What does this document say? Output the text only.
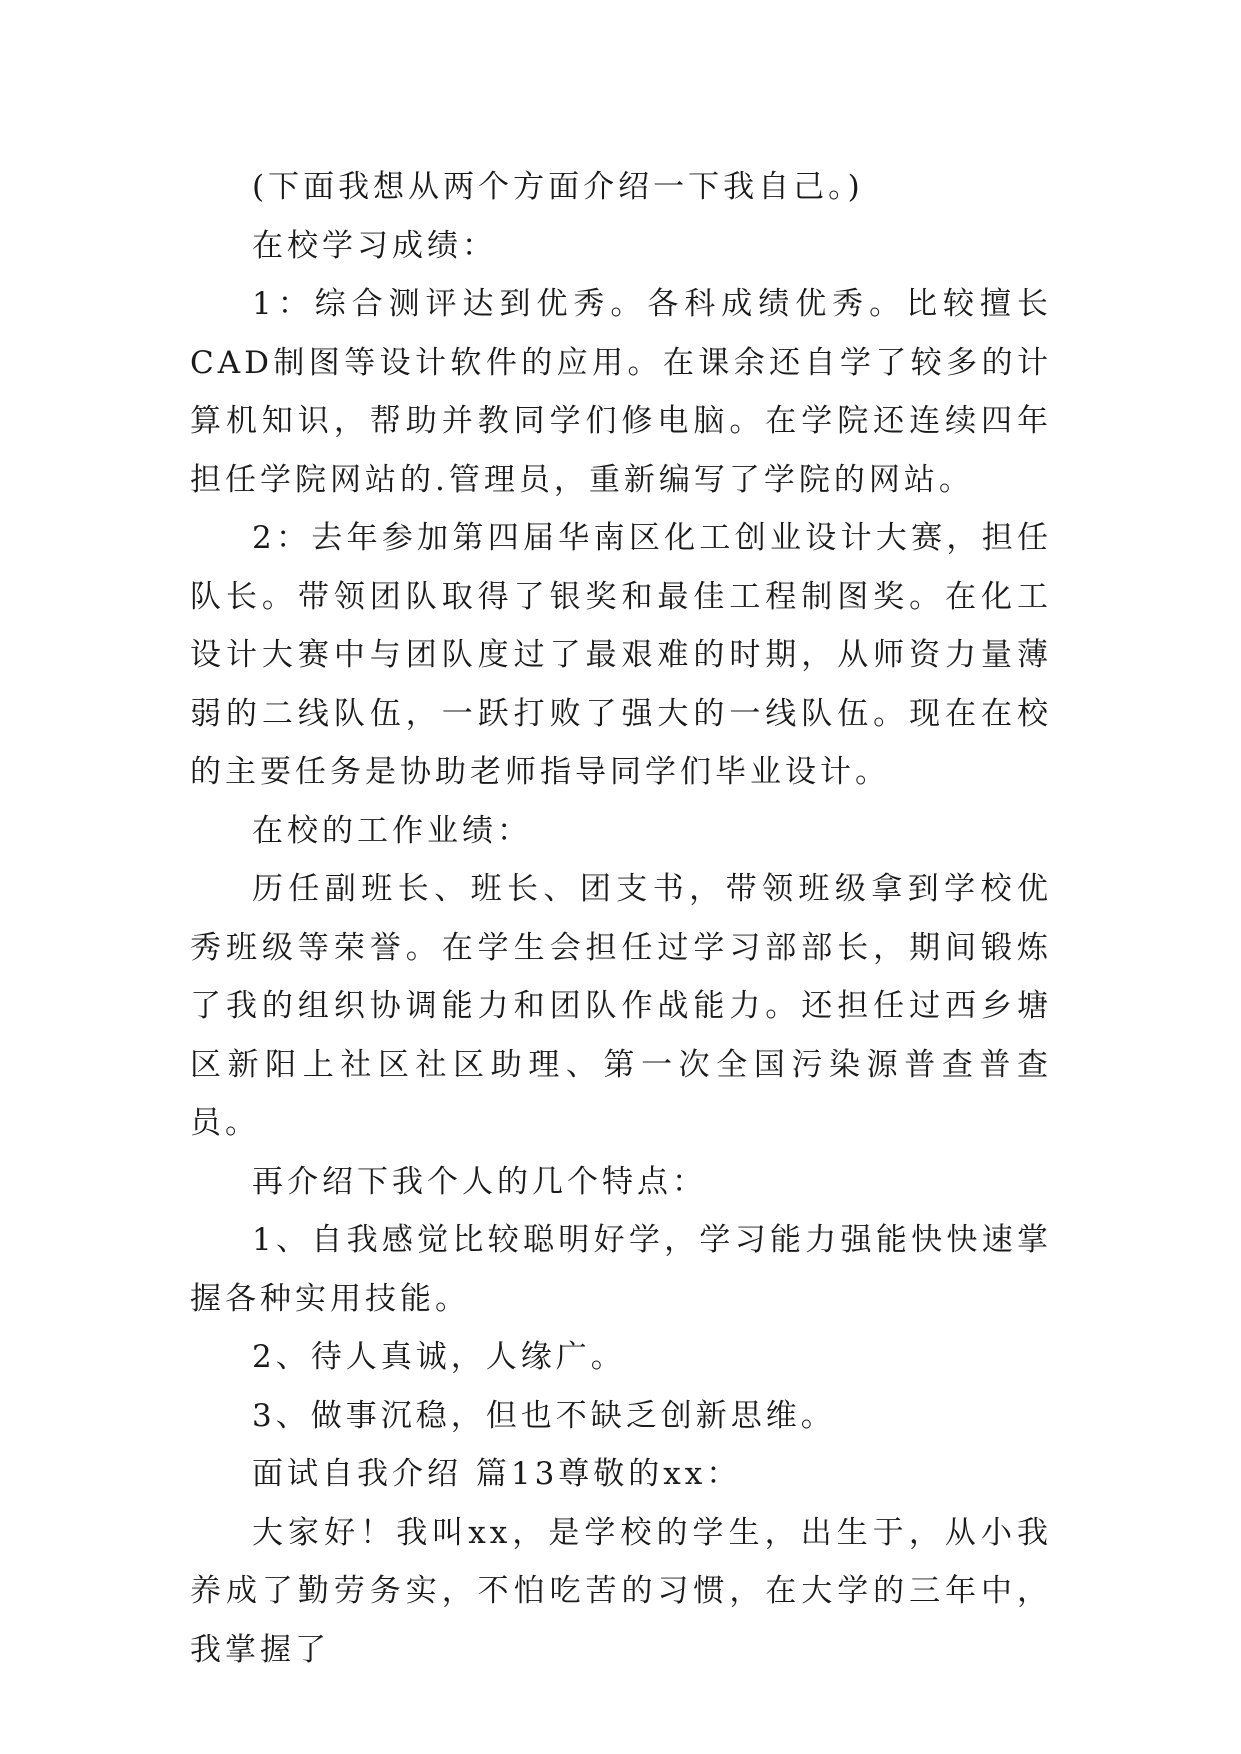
(下面我想从两个方面介绍一下我自己。)

在校学习成绩：

1：综合测评达到优秀。各科成绩优秀。比较擅长CAD制图等设计软件的应用。在课余还自学了较多的计算机知识，帮助并教同学们修电脑。在学院还连续四年担任学院网站的.管理员，重新编写了学院的网站。

2：去年参加第四届华南区化工创业设计大赛，担任队长。带领团队取得了银奖和最佳工程制图奖。在化工设计大赛中与团队度过了最艰难的时期，从师资力量薄弱的二线队伍，一跃打败了强大的一线队伍。现在在校的主要任务是协助老师指导同学们毕业设计。

在校的工作业绩：

历任副班长、班长、团支书，带领班级拿到学校优秀班级等荣誉。在学生会担任过学习部部长，期间锻炼了我的组织协调能力和团队作战能力。还担任过西乡塘区新阳上社区社区助理、第一次全国污染源普查普查员。

再介绍下我个人的几个特点：

1、自我感觉比较聪明好学，学习能力强能快快速掌握各种实用技能。

2、待人真诚，人缘广。

3、做事沉稳，但也不缺乏创新思维。

面试自我介绍 篇13尊敬的xx：

大家好！我叫xx，是学校的学生，出生于，从小我养成了勤劳务实，不怕吃苦的习惯，在大学的三年中，我掌握了
